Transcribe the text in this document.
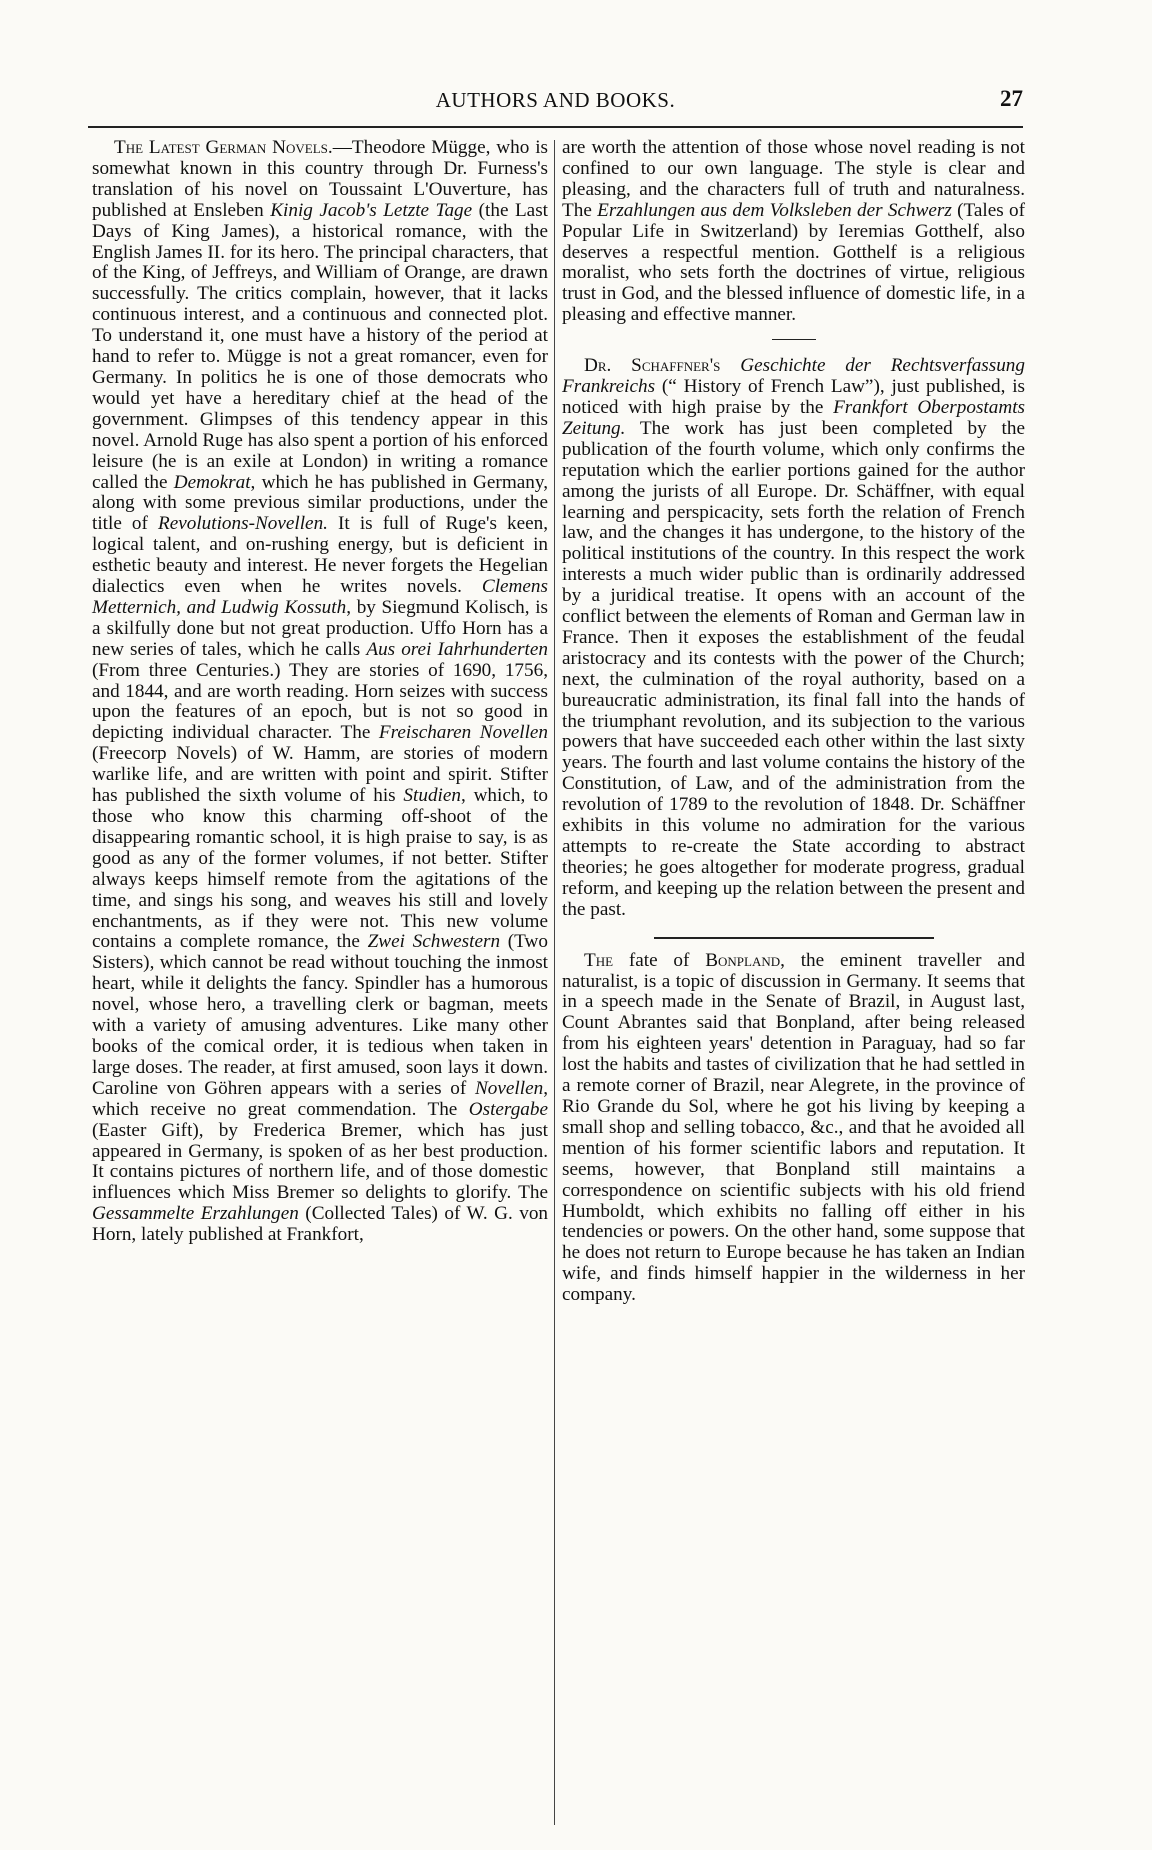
AUTHORS AND BOOKS.	27

The Latest German Novels.—Theodore Mügge, who is somewhat known in this country through Dr. Furness's translation of his novel on Toussaint L'Ouverture, has published at Ensleben Kinig Jacob's Letzte Tage (the Last Days of King James), a historical romance, with the English James II. for its hero. The principal characters, that of the King, of Jeffreys, and William of Orange, are drawn successfully. The critics complain, however, that it lacks continuous interest, and a continuous and connected plot. To understand it, one must have a history of the period at hand to refer to. Mügge is not a great romancer, even for Germany. In politics he is one of those democrats who would yet have a hereditary chief at the head of the government. Glimpses of this tendency appear in this novel. Arnold Ruge has also spent a portion of his enforced leisure (he is an exile at London) in writing a romance called the Demokrat, which he has published in Germany, along with some previous similar productions, under the title of Revolutions-Novellen. It is full of Ruge's keen, logical talent, and on-rushing energy, but is deficient in esthetic beauty and interest. He never forgets the Hegelian dialectics even when he writes novels. Clemens Metternich, and Ludwig Kossuth, by Siegmund Kolisch, is a skilfully done but not great production. Uffo Horn has a new series of tales, which he calls Aus orei Iahrhunderten (From three Centuries.) They are stories of 1690, 1756, and 1844, and are worth reading. Horn seizes with success upon the features of an epoch, but is not so good in depicting individual character. The Freischaren Novellen (Freecorp Novels) of W. Hamm, are stories of modern warlike life, and are written with point and spirit. Stifter has published the sixth volume of his Studien, which, to those who know this charming off-shoot of the disappearing romantic school, it is high praise to say, is as good as any of the former volumes, if not better. Stifter always keeps himself remote from the agitations of the time, and sings his song, and weaves his still and lovely enchantments, as if they were not. This new volume contains a complete romance, the Zwei Schwestern (Two Sisters), which cannot be read without touching the inmost heart, while it delights the fancy. Spindler has a humorous novel, whose hero, a travelling clerk or bagman, meets with a variety of amusing adventures. Like many other books of the comical order, it is tedious when taken in large doses. The reader, at first amused, soon lays it down. Caroline von Göhren appears with a series of Novellen, which receive no great commendation. The Ostergabe (Easter Gift), by Frederica Bremer, which has just appeared in Germany, is spoken of as her best production. It contains pictures of northern life, and of those domestic influences which Miss Bremer so delights to glorify. The Gessammelte Erzahlungen (Collected Tales) of W. G. von Horn, lately published at Frankfort,

are worth the attention of those whose novel reading is not confined to our own language. The style is clear and pleasing, and the characters full of truth and naturalness. The Erzahlungen aus dem Volksleben der Schwerz (Tales of Popular Life in Switzerland) by Ieremias Gotthelf, also deserves a respectful mention. Gotthelf is a religious moralist, who sets forth the doctrines of virtue, religious trust in God, and the blessed influence of domestic life, in a pleasing and effective manner.

Dr. Schaffner's Geschichte der Rechtsverfassung Frankreichs (“ History of French Law”), just published, is noticed with high praise by the Frankfort Oberpostamts Zeitung. The work has just been completed by the publication of the fourth volume, which only confirms the reputation which the earlier portions gained for the author among the jurists of all Europe. Dr. Schäffner, with equal learning and perspicacity, sets forth the relation of French law, and the changes it has undergone, to the history of the political institutions of the country. In this respect the work interests a much wider public than is ordinarily addressed by a juridical treatise. It opens with an account of the conflict between the elements of Roman and German law in France. Then it exposes the establishment of the feudal aristocracy and its contests with the power of the Church; next, the culmination of the royal authority, based on a bureaucratic administration, its final fall into the hands of the triumphant revolution, and its subjection to the various powers that have succeeded each other within the last sixty years. The fourth and last volume contains the history of the Constitution, of Law, and of the administration from the revolution of 1789 to the revolution of 1848. Dr. Schäffner exhibits in this volume no admiration for the various attempts to re-create the State according to abstract theories; he goes altogether for moderate progress, gradual reform, and keeping up the relation between the present and the past.

The fate of Bonpland, the eminent traveller and naturalist, is a topic of discussion in Germany. It seems that in a speech made in the Senate of Brazil, in August last, Count Abrantes said that Bonpland, after being released from his eighteen years' detention in Paraguay, had so far lost the habits and tastes of civilization that he had settled in a remote corner of Brazil, near Alegrete, in the province of Rio Grande du Sol, where he got his living by keeping a small shop and selling tobacco, &c., and that he avoided all mention of his former scientific labors and reputation. It seems, however, that Bonpland still maintains a correspondence on scientific subjects with his old friend Humboldt, which exhibits no falling off either in his tendencies or powers. On the other hand, some suppose that he does not return to Europe because he has taken an Indian wife, and finds himself happier in the wilderness in her company.
